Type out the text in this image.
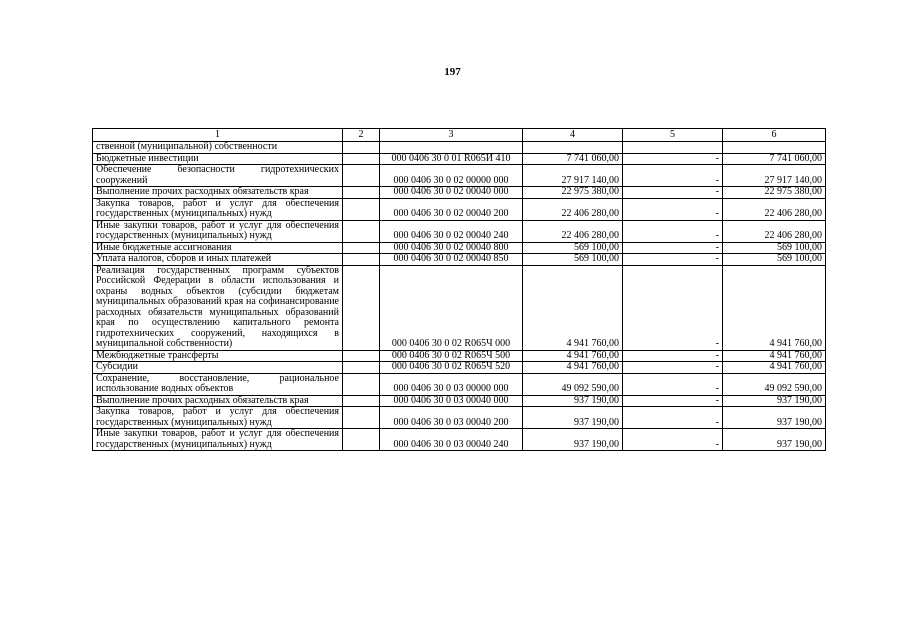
197
1	2	3	4	5	6
ственной (муниципальной) собственности					
Бюджетные инвестиции		000 0406 30 0 01 R065И 410	7 741 060,00	-	7 741 060,00
Обеспечение безопасности гидротехнических сооружений		000 0406 30 0 02 00000 000	27 917 140,00	-	27 917 140,00
Выполнение прочих расходных обязательств края		000 0406 30 0 02 00040 000	22 975 380,00	-	22 975 380,00
Закупка товаров, работ и услуг для обеспечения государственных (муниципальных) нужд		000 0406 30 0 02 00040 200	22 406 280,00	-	22 406 280,00
Иные закупки товаров, работ и услуг для обеспечения государственных (муниципальных) нужд		000 0406 30 0 02 00040 240	22 406 280,00	-	22 406 280,00
Иные бюджетные ассигнования		000 0406 30 0 02 00040 800	569 100,00	-	569 100,00
Уплата налогов, сборов и иных платежей		000 0406 30 0 02 00040 850	569 100,00	-	569 100,00
Реализация государственных программ субъектов Российской Федерации в области использования и охраны водных объектов (субсидии бюджетам муниципальных образований края на софинансирование расходных обязательств муниципальных образований края по осуществлению капитального ремонта гидротехнических сооружений, находящихся в муниципальной собственности)		000 0406 30 0 02 R065Ч 000	4 941 760,00	-	4 941 760,00
Межбюджетные трансферты		000 0406 30 0 02 R065Ч 500	4 941 760,00	-	4 941 760,00
Субсидии		000 0406 30 0 02 R065Ч 520	4 941 760,00	-	4 941 760,00
Сохранение, восстановление, рациональное использование водных объектов		000 0406 30 0 03 00000 000	49 092 590,00	-	49 092 590,00
Выполнение прочих расходных обязательств края		000 0406 30 0 03 00040 000	937 190,00	-	937 190,00
Закупка товаров, работ и услуг для обеспечения государственных (муниципальных) нужд		000 0406 30 0 03 00040 200	937 190,00	-	937 190,00
Иные закупки товаров, работ и услуг для обеспечения государственных (муниципальных) нужд		000 0406 30 0 03 00040 240	937 190,00	-	937 190,00
